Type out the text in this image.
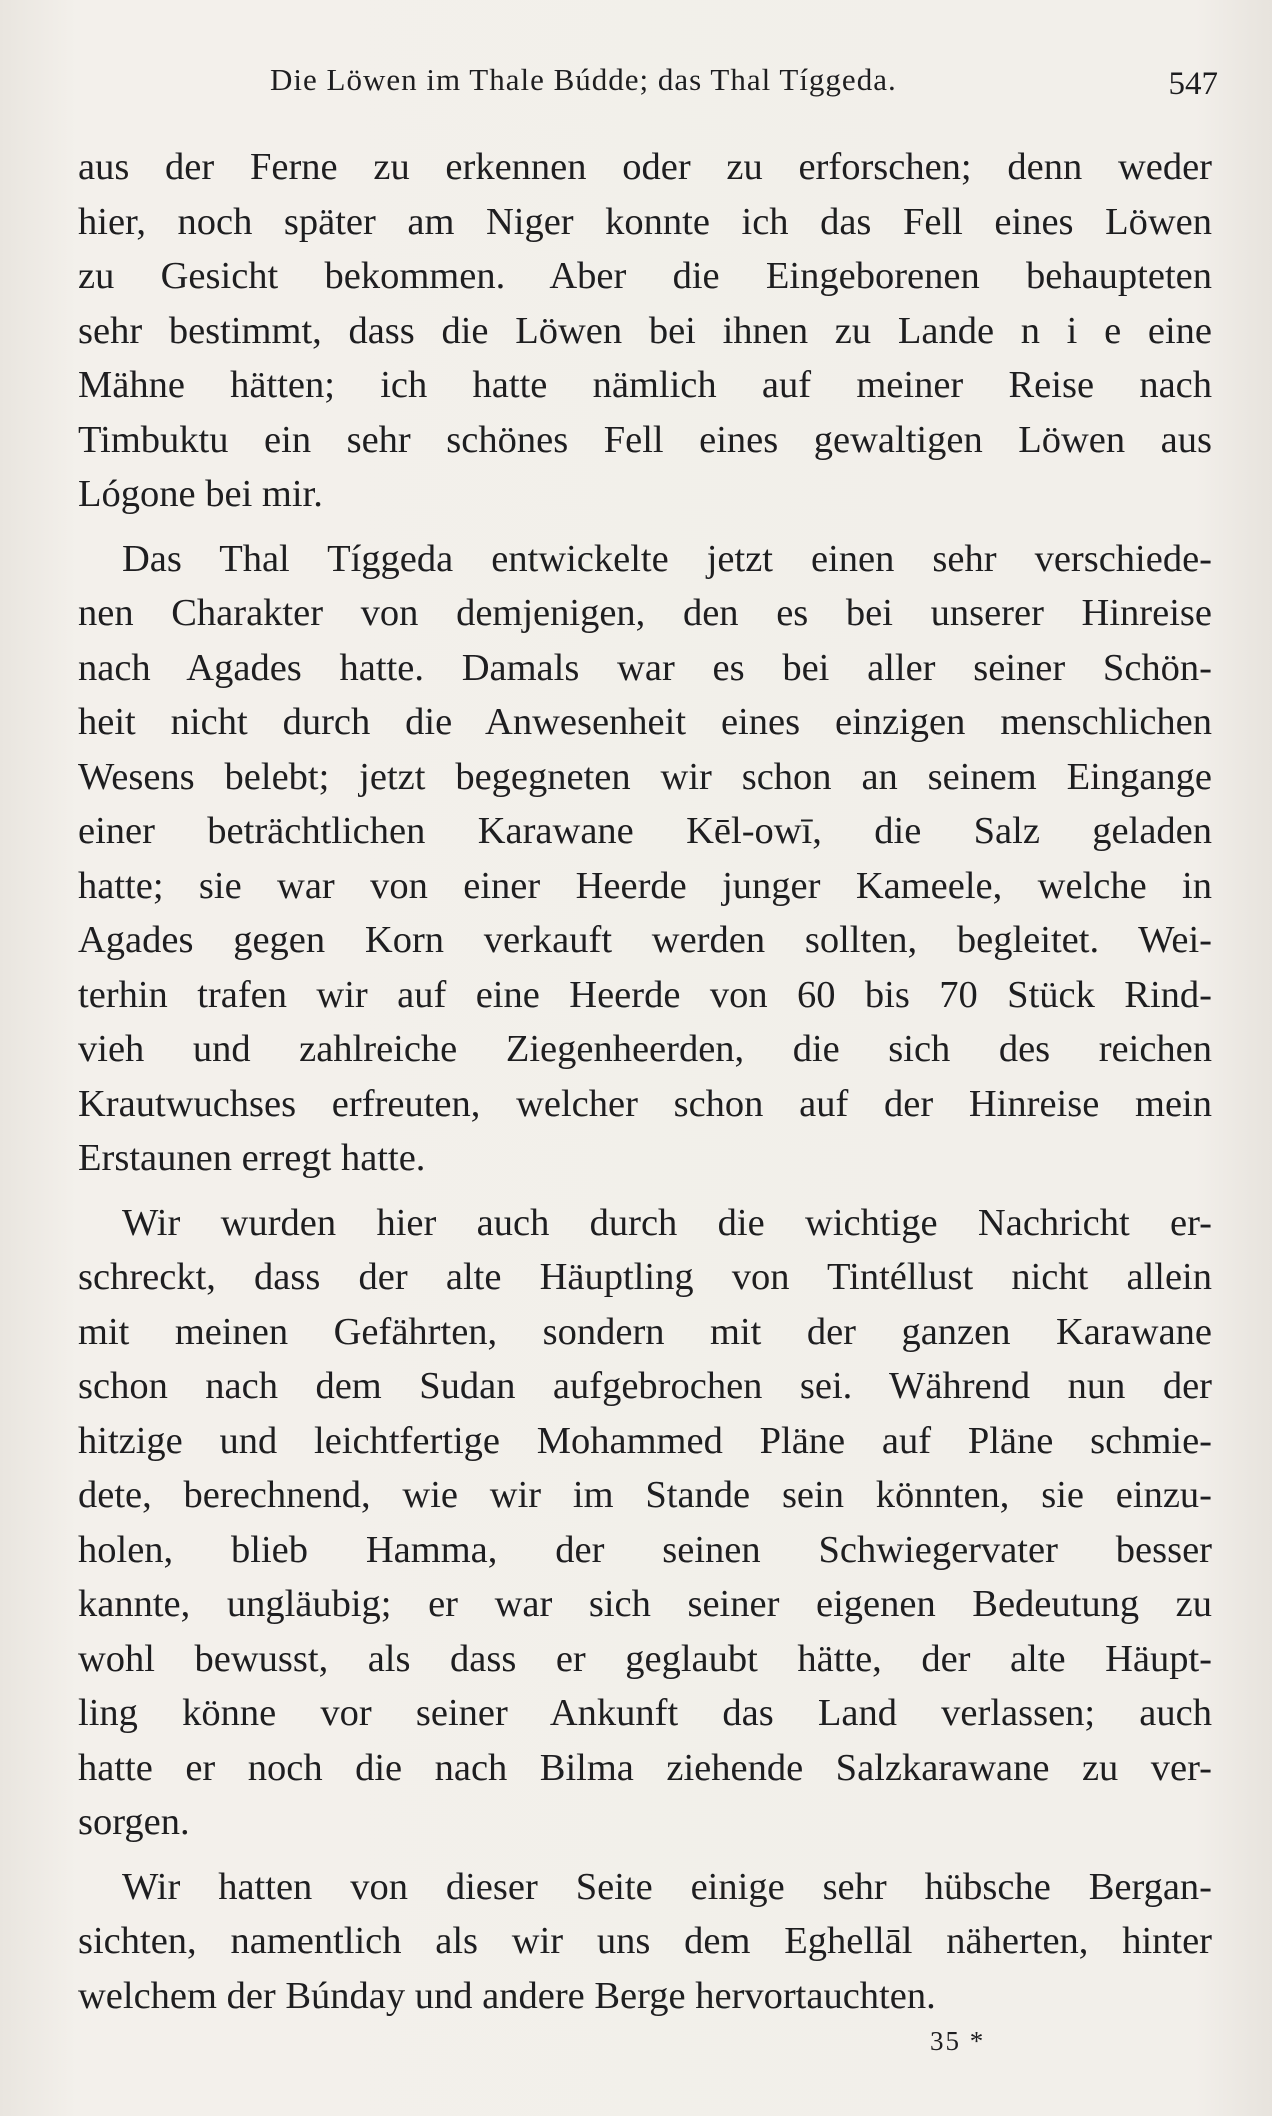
Die Löwen im Thale Búdde; das Thal Tíggeda.	547
aus der Ferne zu erkennen oder zu erforschen; denn weder
hier, noch später am Niger konnte ich das Fell eines Löwen
zu Gesicht bekommen. Aber die Eingeborenen behaupteten
sehr bestimmt, dass die Löwen bei ihnen zu Lande n i e eine
Mähne hätten; ich hatte nämlich auf meiner Reise nach
Timbuktu ein sehr schönes Fell eines gewaltigen Löwen aus
Lógone bei mir.
Das Thal Tíggeda entwickelte jetzt einen sehr verschiede-
nen Charakter von demjenigen, den es bei unserer Hinreise
nach Agades hatte. Damals war es bei aller seiner Schön-
heit nicht durch die Anwesenheit eines einzigen menschlichen
Wesens belebt; jetzt begegneten wir schon an seinem Eingange
einer beträchtlichen Karawane Kēl-owī, die Salz geladen
hatte; sie war von einer Heerde junger Kameele, welche in
Agades gegen Korn verkauft werden sollten, begleitet. Wei-
terhin trafen wir auf eine Heerde von 60 bis 70 Stück Rind-
vieh und zahlreiche Ziegenheerden, die sich des reichen
Krautwuchses erfreuten, welcher schon auf der Hinreise mein
Erstaunen erregt hatte.
Wir wurden hier auch durch die wichtige Nachricht er-
schreckt, dass der alte Häuptling von Tintéllust nicht allein
mit meinen Gefährten, sondern mit der ganzen Karawane
schon nach dem Sudan aufgebrochen sei. Während nun der
hitzige und leichtfertige Mohammed Pläne auf Pläne schmie-
dete, berechnend, wie wir im Stande sein könnten, sie einzu-
holen, blieb Hamma, der seinen Schwiegervater besser
kannte, ungläubig; er war sich seiner eigenen Bedeutung zu
wohl bewusst, als dass er geglaubt hätte, der alte Häupt-
ling könne vor seiner Ankunft das Land verlassen; auch
hatte er noch die nach Bilma ziehende Salzkarawane zu ver-
sorgen.
Wir hatten von dieser Seite einige sehr hübsche Bergan-
sichten, namentlich als wir uns dem Eghellāl näherten, hinter
welchem der Búnday und andere Berge hervortauchten.
35 *
